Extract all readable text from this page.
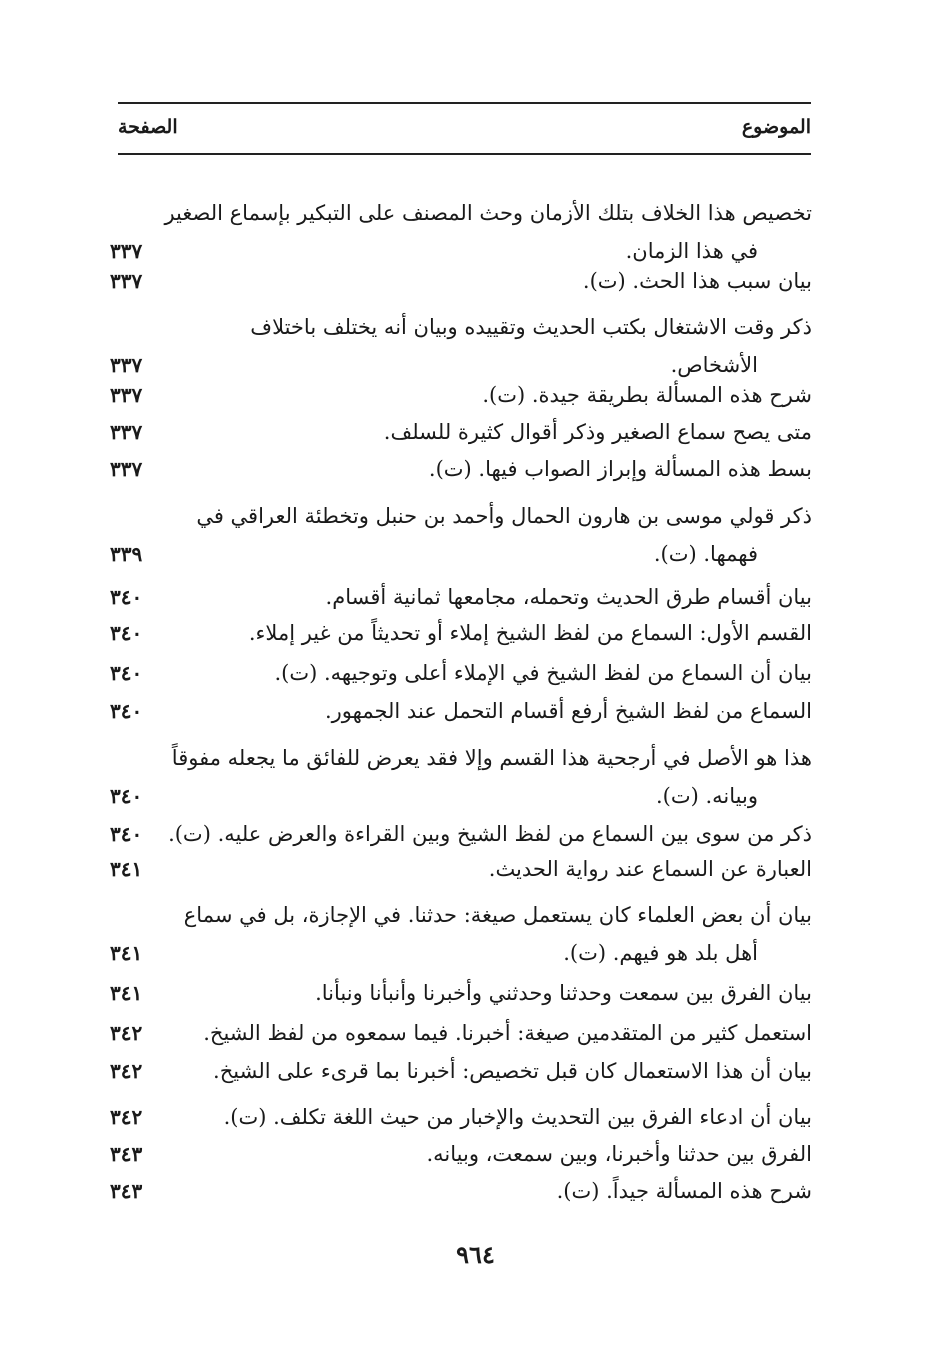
الموضوع
الصفحة
تخصيص هذا الخلاف بتلك الأزمان وحث المصنف على التبكير بإسماع الصغير
في هذا الزمان.
٣٣٧
بيان سبب هذا الحث. (ت).
٣٣٧
ذكر وقت الاشتغال بكتب الحديث وتقييده وبيان أنه يختلف باختلاف
الأشخاص.
٣٣٧
شرح هذه المسألة بطريقة جيدة. (ت).
٣٣٧
متى يصح سماع الصغير وذكر أقوال كثيرة للسلف.
٣٣٧
بسط هذه المسألة وإبراز الصواب فيها. (ت).
٣٣٧
ذكر قولي موسى بن هارون الحمال وأحمد بن حنبل وتخطئة العراقي في
فهمها. (ت).
٣٣٩
بيان أقسام طرق الحديث وتحمله، مجامعها ثمانية أقسام.
٣٤٠
القسم الأول: السماع من لفظ الشيخ إملاء أو تحديثاً من غير إملاء.
٣٤٠
بيان أن السماع من لفظ الشيخ في الإملاء أعلى وتوجيهه. (ت).
٣٤٠
السماع من لفظ الشيخ أرفع أقسام التحمل عند الجمهور.
٣٤٠
هذا هو الأصل في أرجحية هذا القسم وإلا فقد يعرض للفائق ما يجعله مفوقاً
وبيانه. (ت).
٣٤٠
ذكر من سوى بين السماع من لفظ الشيخ وبين القراءة والعرض عليه. (ت).
٣٤٠
العبارة عن السماع عند رواية الحديث.
٣٤١
بيان أن بعض العلماء كان يستعمل صيغة: حدثنا. في الإجازة، بل في سماع
أهل بلد هو فيهم. (ت).
٣٤١
بيان الفرق بين سمعت وحدثنا وحدثني وأخبرنا وأنبأنا ونبأنا.
٣٤١
استعمل كثير من المتقدمين صيغة: أخبرنا. فيما سمعوه من لفظ الشيخ.
٣٤٢
بيان أن هذا الاستعمال كان قبل تخصيص: أخبرنا بما قرىء على الشيخ.
٣٤٢
بيان أن ادعاء الفرق بين التحديث والإخبار من حيث اللغة تكلف. (ت).
٣٤٢
الفرق بين حدثنا وأخبرنا، وبين سمعت، وبيانه.
٣٤٣
شرح هذه المسألة جيداً. (ت).
٣٤٣
٩٦٤
